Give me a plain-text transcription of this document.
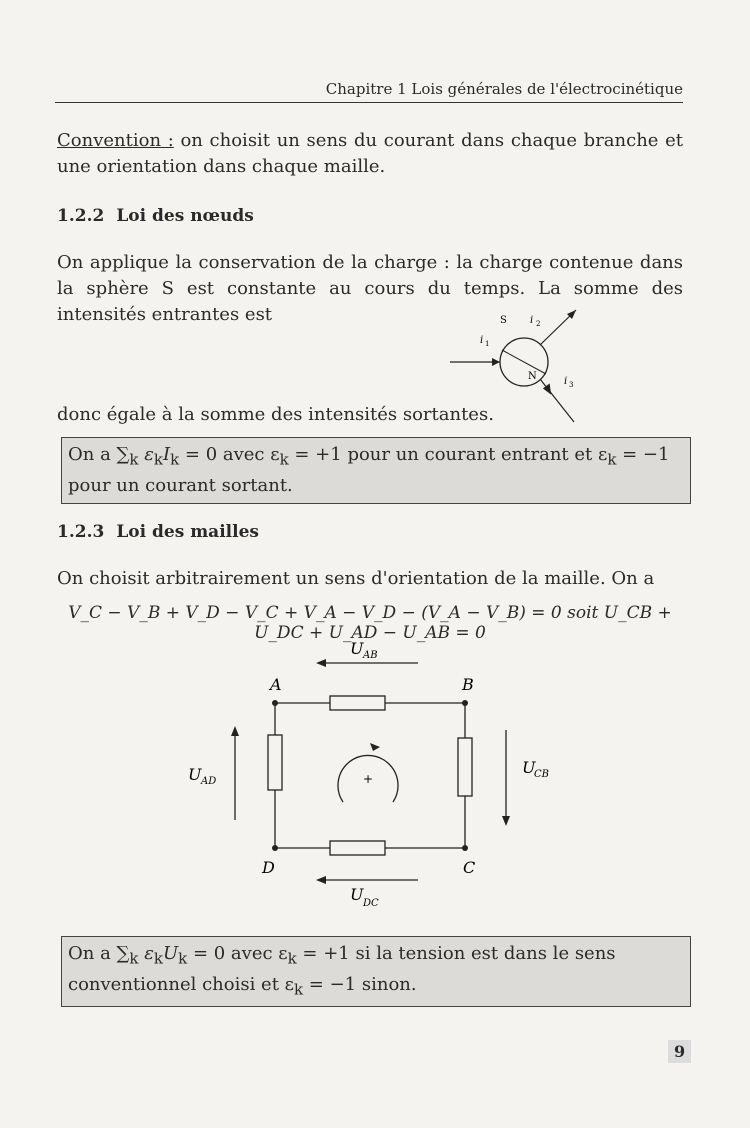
Chapitre 1 Lois générales de l'électrocinétique
Convention : on choisit un sens du courant dans chaque branche et une orientation dans chaque maille.
1.2.2 Loi des nœuds
On applique la conservation de la charge : la charge contenue dans la sphère S est constante au cours du temps. La somme des intensités entrantes est	S i 2
i 1
N	i 3
donc égale à la somme des intensités sortantes.
On a $\sum_k$ $\varepsilon_kI_k = 0$ avec $\varepsilon_k = +1$ pour un courant entrant et $\varepsilon_k = -1$ pour un courant sortant.
1.2.3 Loi des mailles
On choisit arbitrairement un sens d'orientation de la maille. On a
V_C − V_B + V_D − V_C + V_A − V_D − (V_A − V_B) = 0 soit U_CB + U_DC + U_AD − U_AB = 0
U AB
A	B
C
D
U AD
U
CB
U DC
+
On a $\sum_k$ $\varepsilon_kU_k = 0$ avec $\varepsilon_k = +1$ si la tension est dans le sens conventionnel choisi et $\varepsilon_k = -1$ sinon.
9
